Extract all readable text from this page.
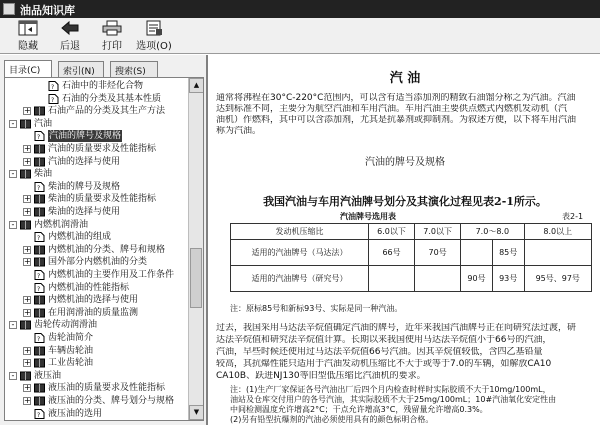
油品知识库
隐藏	后退	打印	选项(O)
目录(C)	索引(N)	搜索(S)
? 石油中的非烃化合物
? 石油的分类及其基本性质
+ 石油产品的分类及其生产方法
- 汽油
? 汽油的牌号及规格
+ 汽油的质量要求及性能指标
+ 汽油的选择与使用
- 柴油
? 柴油的牌号及规格
+ 柴油的质量要求及性能指标
+ 柴油的选择与使用
- 内燃机润滑油
? 内燃机油的组成
+ 内燃机油的分类、牌号和规格
+ 国外部分内燃机油的分类
? 内燃机油的主要作用及工作条件
? 内燃机油的性能指标
+ 内燃机油的选择与使用
+ 在用润滑油的质量监测
- 齿轮传动润滑油
? 齿轮油简介
+ 车辆齿轮油
+ 工业齿轮油
- 液压油
+ 液压油的质量要求及性能指标
+ 液压油的分类、牌号划分与规格
? 液压油的选用
▲
▼
汽 油
通常将沸程在30°C-220°C范围内，可以含有适当添加剂的精致石油馏分称之为汽油。汽油
达到标准不同，主要分为航空汽油和车用汽油。车用汽油主要供点燃式内燃机发动机（汽
油机）作燃料，其中可以含添加剂，尤其是抗暴剂或抑制剂。为叙述方便，以下将车用汽油
称为汽油。
汽油的牌号及规格
我国汽油与车用汽油牌号划分及其演化过程见表2-1所示。
汽油牌号选用表	表2-1
发动机压缩比	6.0以下	7.0以下	7.0～8.0		8.0以上
适用的汽油牌号（马达法）	66号	70号		85号	
适用的汽油牌号（研究号）			90号	93号	95号、97号
注：原标85号和新标93号、实际是同一种汽油。
过去，我国采用马达法辛烷值确定汽油的牌号，近年来我国汽油牌号正在向研究法过渡，研
达法辛烷值和研究法辛烷值计算。长期以来我国使用马达法辛烷值小于66号的汽油，
汽油，早些时候还使用过马达法辛烷值66号汽油。因其辛烷值较低，含四乙基铅量
较高，其抗爆性能只适用于汽油发动机压缩比不大于或等于7.0的车辆，如解放CA10
CA10B、跃进NJ130等旧型低压缩比汽油机的要求。
注：(1)生产厂家保证各号汽油出厂后四个月内检查时样时实际胶质不大于10mg/100mL，
油站及仓库交付用户的各号汽油，其实际胶质不大于25mg/100mL；10#汽油氧化安定性由
中间检测温度允许增高2°C；干点允许增高3°C，残留量允许增高0.3%。
(2)另有铅型抗爆剂的汽油必须使用具有的颜色标明合格。
